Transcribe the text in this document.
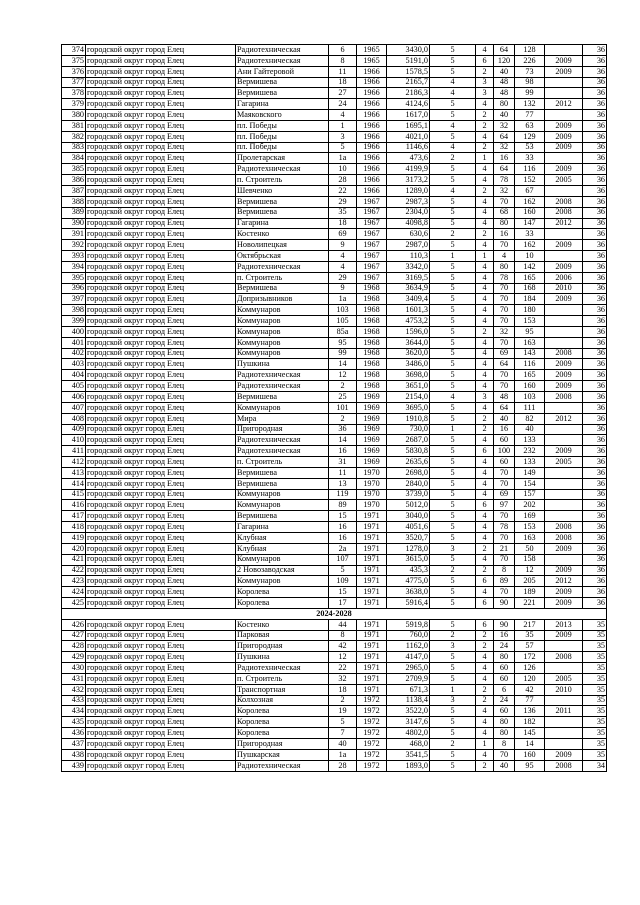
374	городской округ город Елец	Радиотехническая	6	1965	3430,0	5	4	64	128		36
375	городской округ город Елец	Радиотехническая	8	1965	5191,0	5	6	120	226	2009	36
376	городской округ город Елец	Ани Гайтеровой	11	1966	1578,5	5	2	40	73	2009	36
377	городской округ город Елец	Вермишева	18	1966	2165,7	4	3	48	98		36
378	городской округ город Елец	Вермишева	27	1966	2186,3	4	3	48	99		36
379	городской округ город Елец	Гагарина	24	1966	4124,6	5	4	80	132	2012	36
380	городской округ город Елец	Маяковского	4	1966	1617,0	5	2	40	77		36
381	городской округ город Елец	пл. Победы	1	1966	1695,1	4	2	32	63	2009	36
382	городской округ город Елец	пл. Победы	3	1966	4021,0	5	4	64	129	2009	36
383	городской округ город Елец	пл. Победы	5	1966	1146,6	4	2	32	53	2009	36
384	городской округ город Елец	Пролетарская	1а	1966	473,6	2	1	16	33		36
385	городской округ город Елец	Радиотехническая	10	1966	4199,9	5	4	64	116	2009	36
386	городской округ город Елец	п. Строитель	28	1966	3173,2	5	4	78	152	2005	36
387	городской округ город Елец	Шевченко	22	1966	1289,0	4	2	32	67		36
388	городской округ город Елец	Вермишева	29	1967	2987,3	5	4	70	162	2008	36
389	городской округ город Елец	Вермишева	35	1967	2304,0	5	4	68	160	2008	36
390	городской округ город Елец	Гагарина	18	1967	4098,8	5	4	80	147	2012	36
391	городской округ город Елец	Костенко	69	1967	630,6	2	2	16	33		36
392	городской округ город Елец	Новолипецкая	9	1967	2987,0	5	4	70	162	2009	36
393	городской округ город Елец	Октябрьская	4	1967	110,3	1	1	4	10		36
394	городской округ город Елец	Радиотехническая	4	1967	3342,0	5	4	80	142	2009	36
395	городской округ город Елец	п. Строитель	29	1967	3169,5	5	4	78	165	2006	36
396	городской округ город Елец	Вермишева	9	1968	3634,9	5	4	70	168	2010	36
397	городской округ город Елец	Допризывников	1а	1968	3409,4	5	4	70	184	2009	36
398	городской округ город Елец	Коммунаров	103	1968	1601,3	5	4	70	180		36
399	городской округ город Елец	Коммунаров	105	1968	4753,2	5	4	70	153		36
400	городской округ город Елец	Коммунаров	85а	1968	1596,0	5	2	32	95		36
401	городской округ город Елец	Коммунаров	95	1968	3644,0	5	4	70	163		36
402	городской округ город Елец	Коммунаров	99	1968	3620,0	5	4	69	143	2008	36
403	городской округ город Елец	Пушкина	14	1968	3486,0	5	4	64	116	2009	36
404	городской округ город Елец	Радиотехническая	12	1968	3698,0	5	4	70	165	2009	36
405	городской округ город Елец	Радиотехническая	2	1968	3651,0	5	4	70	160	2009	36
406	городской округ город Елец	Вермишева	25	1969	2154,0	4	3	48	103	2008	36
407	городской округ город Елец	Коммунаров	101	1969	3695,0	5	4	64	111		36
408	городской округ город Елец	Мира	2	1969	1910,8	5	2	40	82	2012	36
409	городской округ город Елец	Пригородная	36	1969	730,0	1	2	16	40		36
410	городской округ город Елец	Радиотехническая	14	1969	2687,0	5	4	60	133		36
411	городской округ город Елец	Радиотехническая	16	1969	5830,8	5	6	100	232	2009	36
412	городской округ город Елец	п. Строитель	31	1969	2635,6	5	4	60	133	2005	36
413	городской округ город Елец	Вермишева	11	1970	2698,0	5	4	70	149		36
414	городской округ город Елец	Вермишева	13	1970	2840,0	5	4	70	154		36
415	городской округ город Елец	Коммунаров	119	1970	3739,0	5	4	69	157		36
416	городской округ город Елец	Коммунаров	89	1970	5012,0	5	6	97	202		36
417	городской округ город Елец	Вермишева	15	1971	3040,0	5	4	70	169		36
418	городской округ город Елец	Гагарина	16	1971	4051,6	5	4	78	153	2008	36
419	городской округ город Елец	Клубная	16	1971	3520,7	5	4	70	163	2008	36
420	городской округ город Елец	Клубная	2а	1971	1278,0	3	2	21	50	2009	36
421	городской округ город Елец	Коммунаров	107	1971	3615,0	5	4	70	158		36
422	городской округ город Елец	2 Новозаводская	5	1971	435,3	2	2	8	12	2009	36
423	городской округ город Елец	Коммунаров	109	1971	4775,0	5	6	89	205	2012	36
424	городской округ город Елец	Королева	15	1971	3638,0	5	4	70	189	2009	36
425	городской округ город Елец	Королева	17	1971	5916,4	5	6	90	221	2009	36
2024-2028											
426	городской округ город Елец	Костенко	44	1971	5919,8	5	6	90	217	2013	35
427	городской округ город Елец	Парковая	8	1971	760,0	2	2	16	35	2009	35
428	городской округ город Елец	Пригородная	42	1971	1162,0	3	2	24	57		35
429	городской округ город Елец	Пушкина	12	1971	4147,0	5	4	80	172	2008	35
430	городской округ город Елец	Радиотехническая	22	1971	2965,0	5	4	60	126		35
431	городской округ город Елец	п. Строитель	32	1971	2709,9	5	4	60	120	2005	35
432	городской округ город Елец	Транспортная	18	1971	671,3	1	2	6	42	2010	35
433	городской округ город Елец	Колхозная	2	1972	1138,4	3	2	24	77		35
434	городской округ город Елец	Королева	19	1972	3522,0	5	4	60	136	2011	35
435	городской округ город Елец	Королева	5	1972	3147,6	5	4	80	182		35
436	городской округ город Елец	Королева	7	1972	4802,0	5	4	80	145		35
437	городской округ город Елец	Пригородная	40	1972	468,0	2	1	8	14		35
438	городской округ город Елец	Пушкарская	1а	1972	3541,5	5	4	70	160	2009	35
439	городской округ город Елец	Радиотехническая	28	1972	1893,0	5	2	40	95	2008	34
